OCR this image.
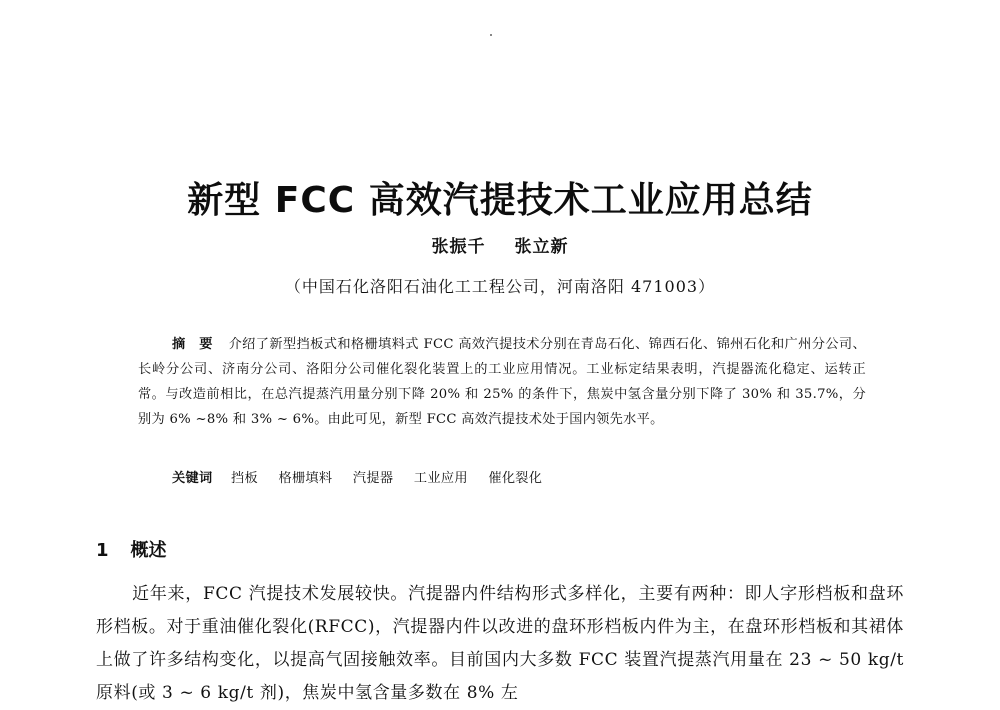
新型 FCC 高效汽提技术工业应用总结
张振千 张立新
（中国石化洛阳石油化工工程公司，河南洛阳 471003）
摘要 介绍了新型挡板式和格栅填料式 FCC 高效汽提技术分别在青岛石化、锦西石化、锦州石化和广州分公司、长岭分公司、济南分公司、洛阳分公司催化裂化装置上的工业应用情况。工业标定结果表明，汽提器流化稳定、运转正常。与改造前相比，在总汽提蒸汽用量分别下降 20% 和 25% 的条件下，焦炭中氢含量分别下降了 30% 和 35.7%，分别为 6% ~8% 和 3% ~ 6%。由此可见，新型 FCC 高效汽提技术处于国内领先水平。
关键词 挡板 格栅填料 汽提器 工业应用 催化裂化
1 概述
近年来，FCC 汽提技术发展较快。汽提器内件结构形式多样化，主要有两种：即人字形档板和盘环形档板。对于重油催化裂化(RFCC)，汽提器内件以改进的盘环形档板内件为主，在盘环形档板和其裙体上做了许多结构变化，以提高气固接触效率。目前国内大多数 FCC 装置汽提蒸汽用量在 23 ~ 50 kg/t 原料(或 3 ~ 6 kg/t 剂)，焦炭中氢含量多数在 8% 左
